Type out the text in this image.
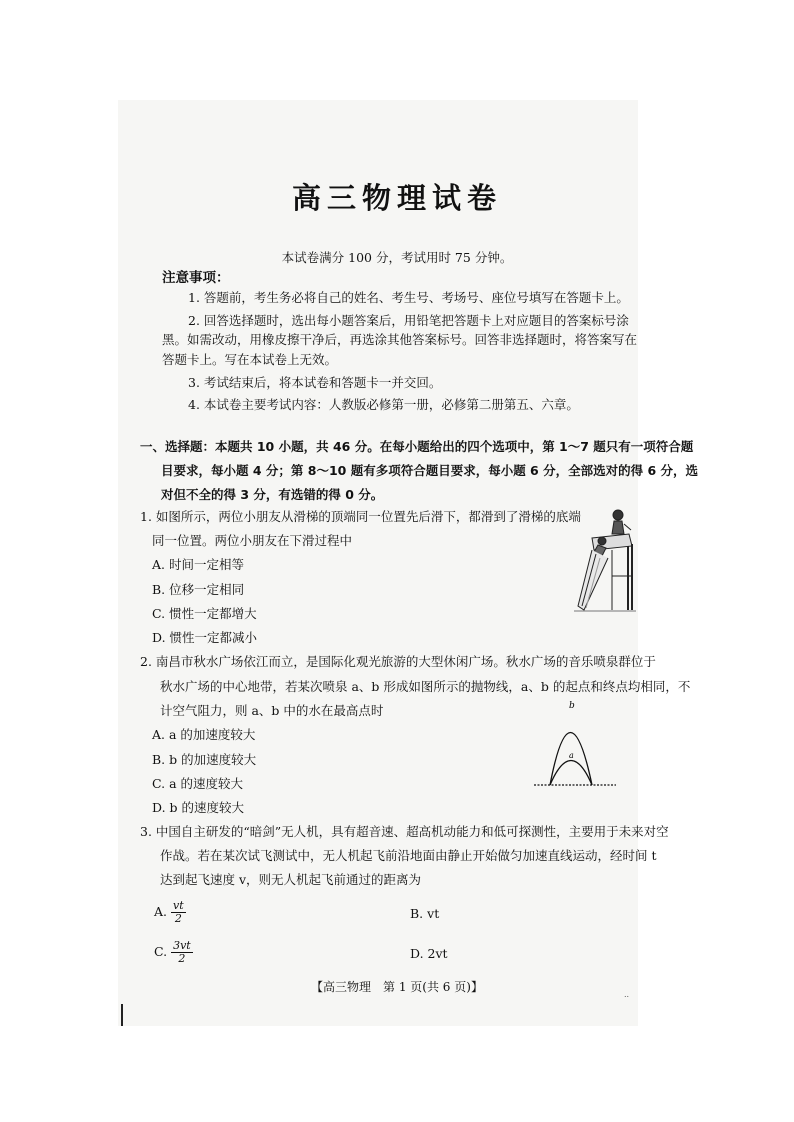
高三物理试卷
本试卷满分 100 分，考试用时 75 分钟。
注意事项：
1. 答题前，考生务必将自己的姓名、考生号、考场号、座位号填写在答题卡上。
2. 回答选择题时，选出每小题答案后，用铅笔把答题卡上对应题目的答案标号涂
黑。如需改动，用橡皮擦干净后，再选涂其他答案标号。回答非选择题时，将答案写在
答题卡上。写在本试卷上无效。
3. 考试结束后，将本试卷和答题卡一并交回。
4. 本试卷主要考试内容：人教版必修第一册，必修第二册第五、六章。
一、选择题：本题共 10 小题，共 46 分。在每小题给出的四个选项中，第 1～7 题只有一项符合题
目要求，每小题 4 分；第 8～10 题有多项符合题目要求，每小题 6 分，全部选对的得 6 分，选
对但不全的得 3 分，有选错的得 0 分。
1. 如图所示，两位小朋友从滑梯的顶端同一位置先后滑下，都滑到了滑梯的底端
同一位置。两位小朋友在下滑过程中
A. 时间一定相等
B. 位移一定相同
C. 惯性一定都增大
D. 惯性一定都减小
2. 南昌市秋水广场依江而立，是国际化观光旅游的大型休闲广场。秋水广场的音乐喷泉群位于
秋水广场的中心地带，若某次喷泉 a、b 形成如图所示的抛物线，a、b 的起点和终点均相同，不
计空气阻力，则 a、b 中的水在最高点时
A. a 的加速度较大
B. b 的加速度较大
C. a 的速度较大
D. b 的速度较大
b
a
3. 中国自主研发的“暗剑”无人机，具有超音速、超高机动能力和低可探测性，主要用于未来对空
作战。若在某次试飞测试中，无人机起飞前沿地面由静止开始做匀加速直线运动，经时间 t
达到起飞速度 v，则无人机起飞前通过的距离为
A. $\frac{vt}{2}$	B. vt
C. $\frac{3vt}{2}$	D. 2vt
【高三物理　第 1 页(共 6 页)】
..
